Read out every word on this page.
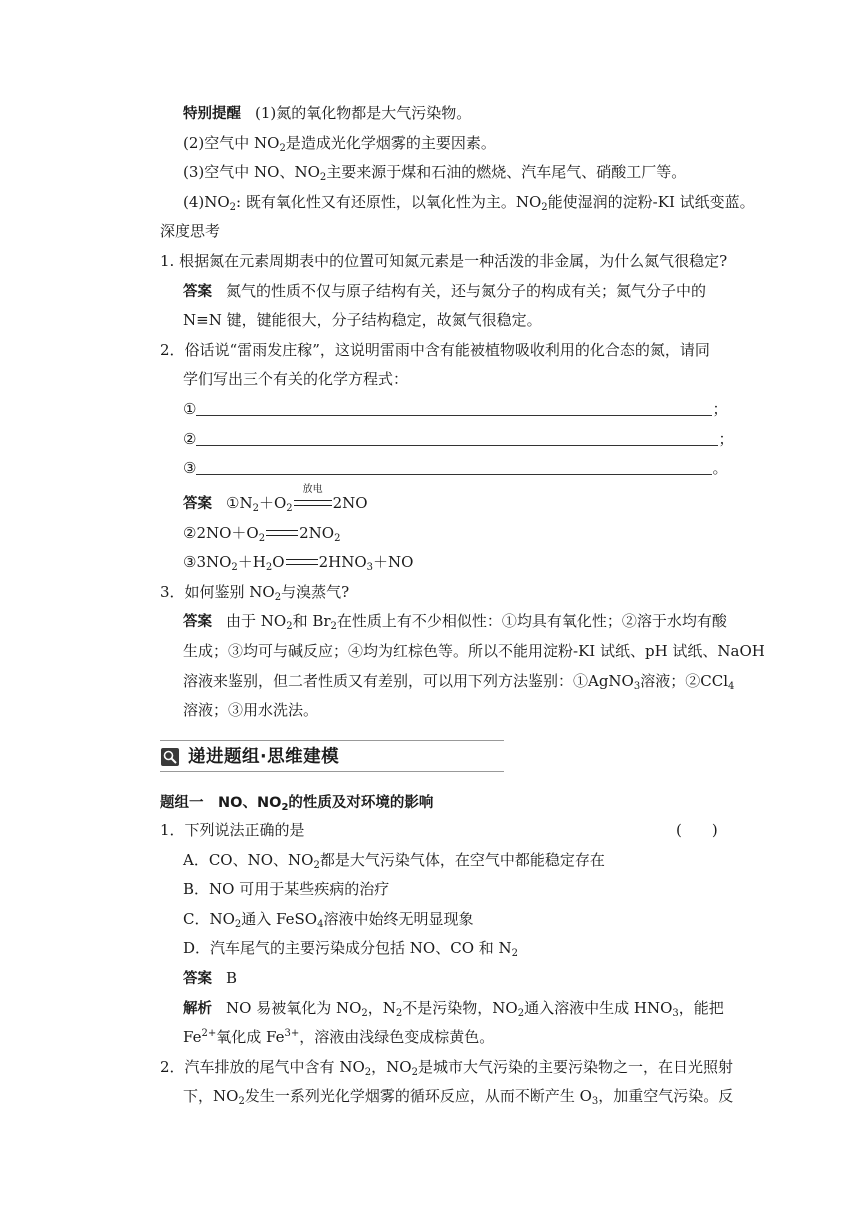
特别提醒 (1)氮的氧化物都是大气污染物。
(2)空气中 $NO_2$是造成光化学烟雾的主要因素。
(3)空气中 NO、$NO_2$主要来源于煤和石油的燃烧、汽车尾气、硝酸工厂等。
$(4)NO_2$: 既有氧化性又有还原性，以氧化性为主。$NO_2$能使湿润的淀粉-KI 试纸变蓝。
深度思考
1. 根据氮在元素周期表中的位置可知氮元素是一种活泼的非金属，为什么氮气很稳定?
答案 氮气的性质不仅与原子结构有关，还与氮分子的构成有关；氮气分子中的
N≡N 键，键能很大，分子结构稳定，故氮气很稳定。
2．俗话说“雷雨发庄稼”，这说明雷雨中含有能被植物吸收利用的化合态的氮，请同
学们写出三个有关的化学方程式：
①	；
②	；
③	。
答案 $①N_2+O_2$
放电
2NO
$②2NO+O_2$ $2NO_2$
$③3NO_2+H_2O$ $2HNO_3+NO$
3．如何鉴别 $NO_2$与溴蒸气?
答案 由于 $NO_2$和 $Br_2$在性质上有不少相似性：①均具有氧化性；②溶于水均有酸
生成；③均可与碱反应；④均为红棕色等。所以不能用淀粉-KI 试纸、pH 试纸、NaOH
溶液来鉴别，但二者性质又有差别，可以用下列方法鉴别：①AgNO$_3$溶液；②CCl$_4$
溶液；③用水洗法。
递进题组·思维建模
题组一　NO、$NO_2$的性质及对环境的影响
1．下列说法正确的是	(　　)
A．CO、NO、$NO_2$都是大气污染气体，在空气中都能稳定存在
B．NO 可用于某些疾病的治疗
C．$NO_2$通入 FeSO$_4$溶液中始终无明显现象
D．汽车尾气的主要污染成分包括 NO、CO 和 $N_2$
答案 B
解析 NO 易被氧化为 $NO_2$，$N_2$不是污染物，$NO_2$通入溶液中生成 $HNO_3$，能把
$Fe^{2+}$氧化成 $Fe^{3+}$，溶液由浅绿色变成棕黄色。
2．汽车排放的尾气中含有 $NO_2$，$NO_2$是城市大气污染的主要污染物之一，在日光照射
下，$NO_2$发生一系列光化学烟雾的循环反应，从而不断产生 $O_3$，加重空气污染。反
